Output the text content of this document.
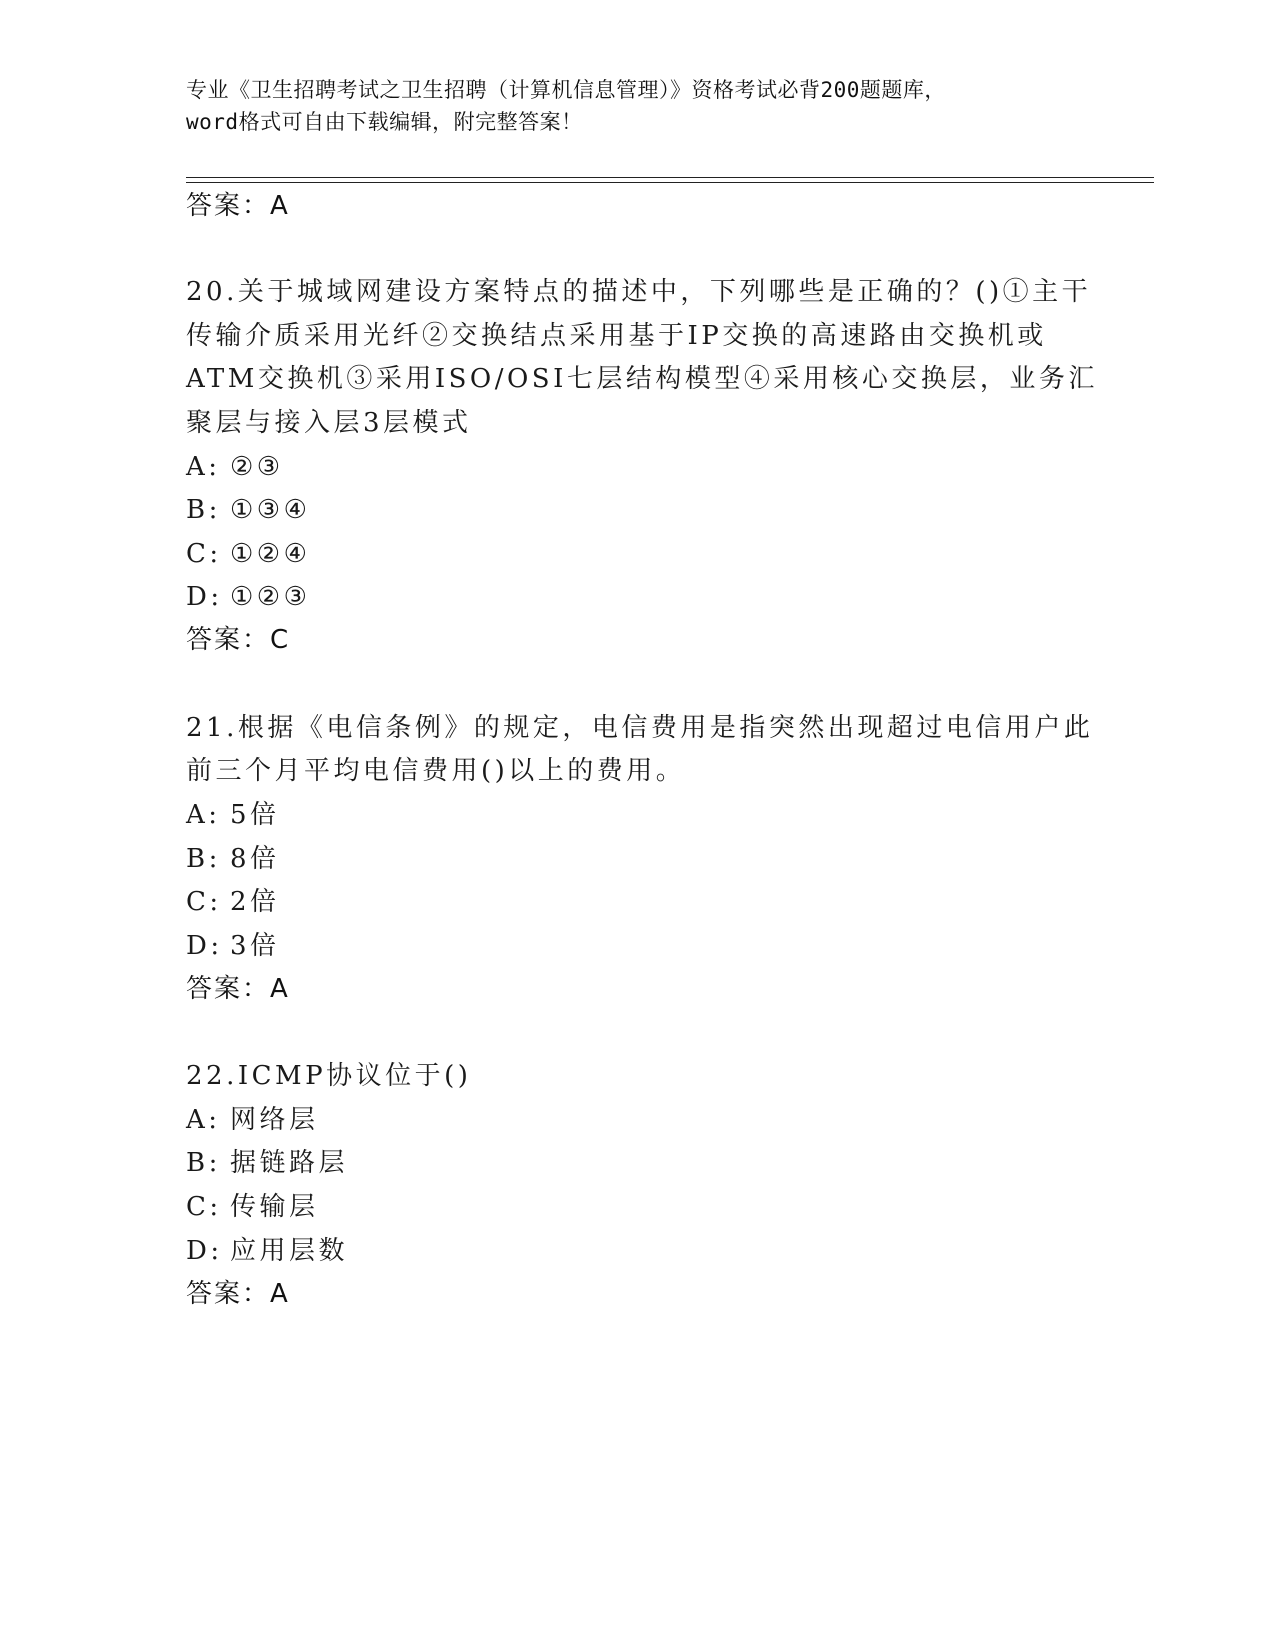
专业《卫生招聘考试之卫生招聘（计算机信息管理）》资格考试必背200题题库，
word格式可自由下载编辑，附完整答案！
答案：A
20.关于城域网建设方案特点的描述中，下列哪些是正确的？()①主干
传输介质采用光纤②交换结点采用基于IP交换的高速路由交换机或
ATM交换机③采用ISO/OSI七层结构模型④采用核心交换层，业务汇
聚层与接入层3层模式
A: ②③
B: ①③④
C: ①②④
D: ①②③
答案：C
21.根据《电信条例》的规定，电信费用是指突然出现超过电信用户此
前三个月平均电信费用()以上的费用。
A: 5倍
B: 8倍
C: 2倍
D: 3倍
答案：A
22.ICMP协议位于()
A: 网络层
B: 据链路层
C: 传输层
D: 应用层数
答案：A
